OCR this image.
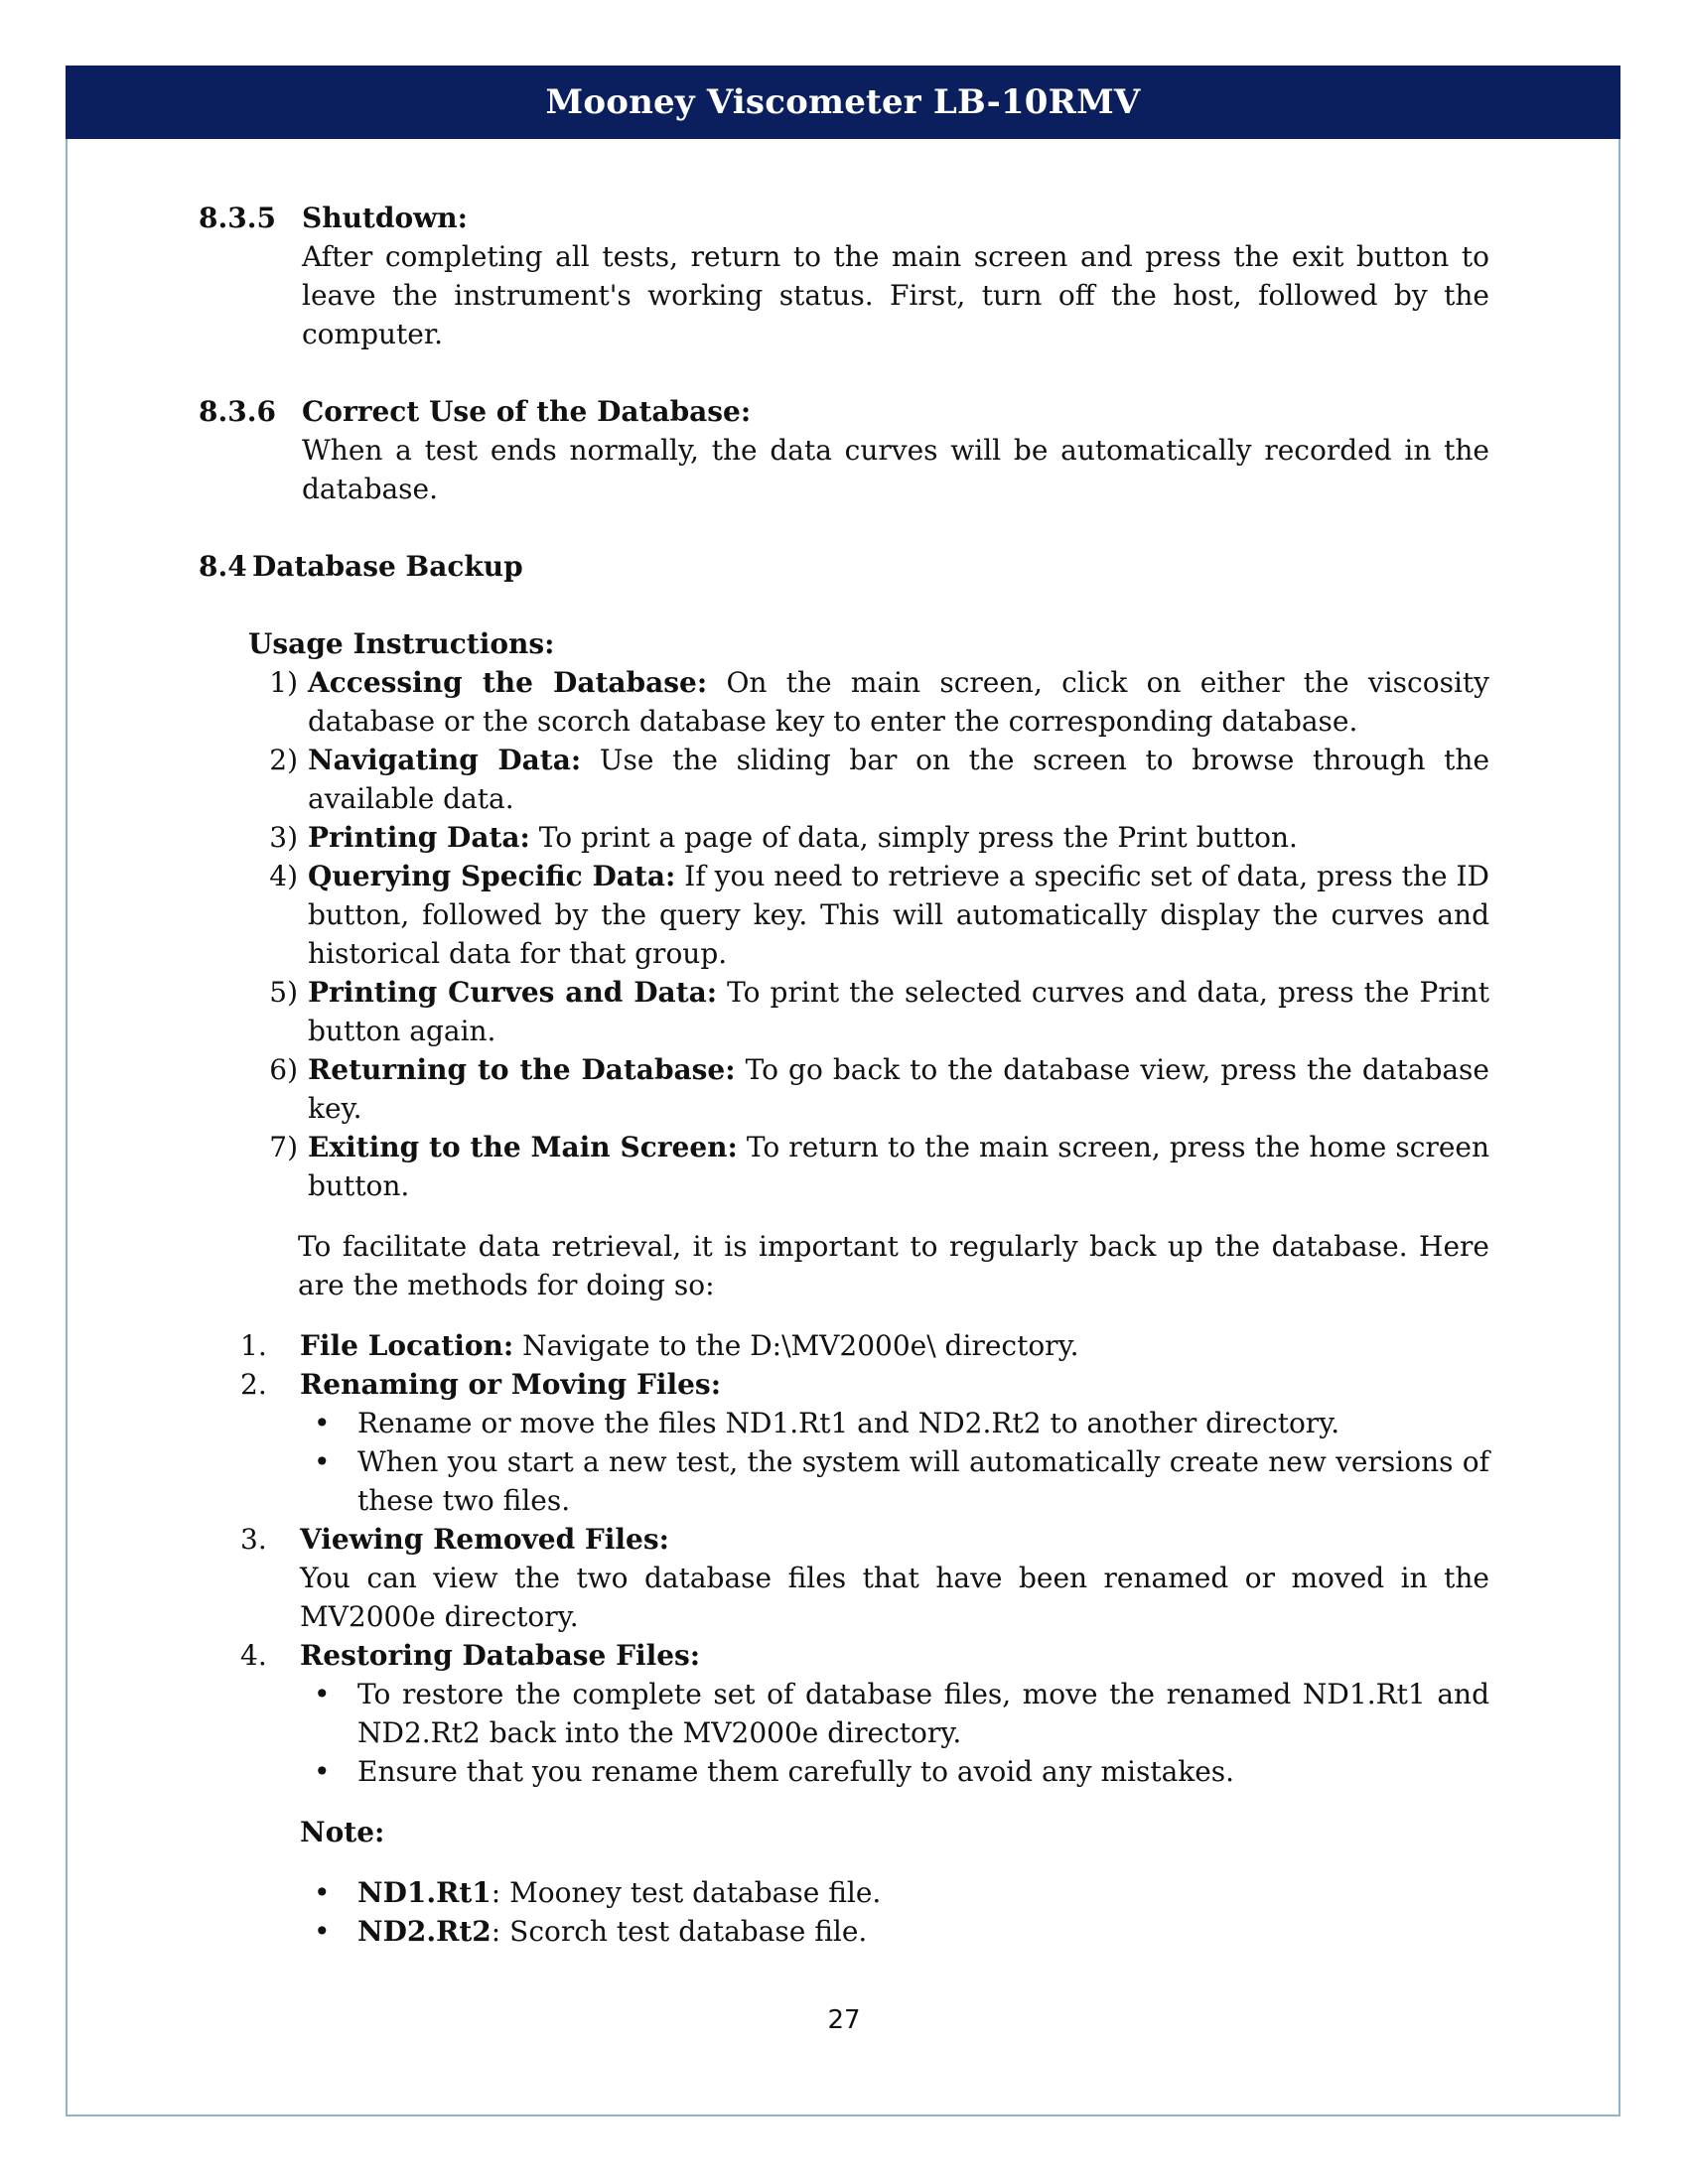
Mooney Viscometer LB-10RMV
8.3.5 Shutdown:
After completing all tests, return to the main screen and press the exit button to leave the instrument's working status. First, turn off the host, followed by the computer.
8.3.6 Correct Use of the Database:
When a test ends normally, the data curves will be automatically recorded in the database.
8.4 Database Backup
Usage Instructions:
1) Accessing the Database: On the main screen, click on either the viscosity database or the scorch database key to enter the corresponding database.
2) Navigating Data: Use the sliding bar on the screen to browse through the available data.
3) Printing Data: To print a page of data, simply press the Print button.
4) Querying Specific Data: If you need to retrieve a specific set of data, press the ID button, followed by the query key. This will automatically display the curves and historical data for that group.
5) Printing Curves and Data: To print the selected curves and data, press the Print button again.
6) Returning to the Database: To go back to the database view, press the database key.
7) Exiting to the Main Screen: To return to the main screen, press the home screen button.
To facilitate data retrieval, it is important to regularly back up the database. Here are the methods for doing so:
1.	File Location: Navigate to the D:\MV2000e\ directory.
2.	Renaming or Moving Files:
• Rename or move the files ND1.Rt1 and ND2.Rt2 to another directory.
• When you start a new test, the system will automatically create new versions of these two files.
3.	Viewing Removed Files:
You can view the two database files that have been renamed or moved in the MV2000e directory.
4.	Restoring Database Files:
• To restore the complete set of database files, move the renamed ND1.Rt1 and ND2.Rt2 back into the MV2000e directory.
• Ensure that you rename them carefully to avoid any mistakes.
Note:
• ND1.Rt1: Mooney test database file.
• ND2.Rt2: Scorch test database file.
27
